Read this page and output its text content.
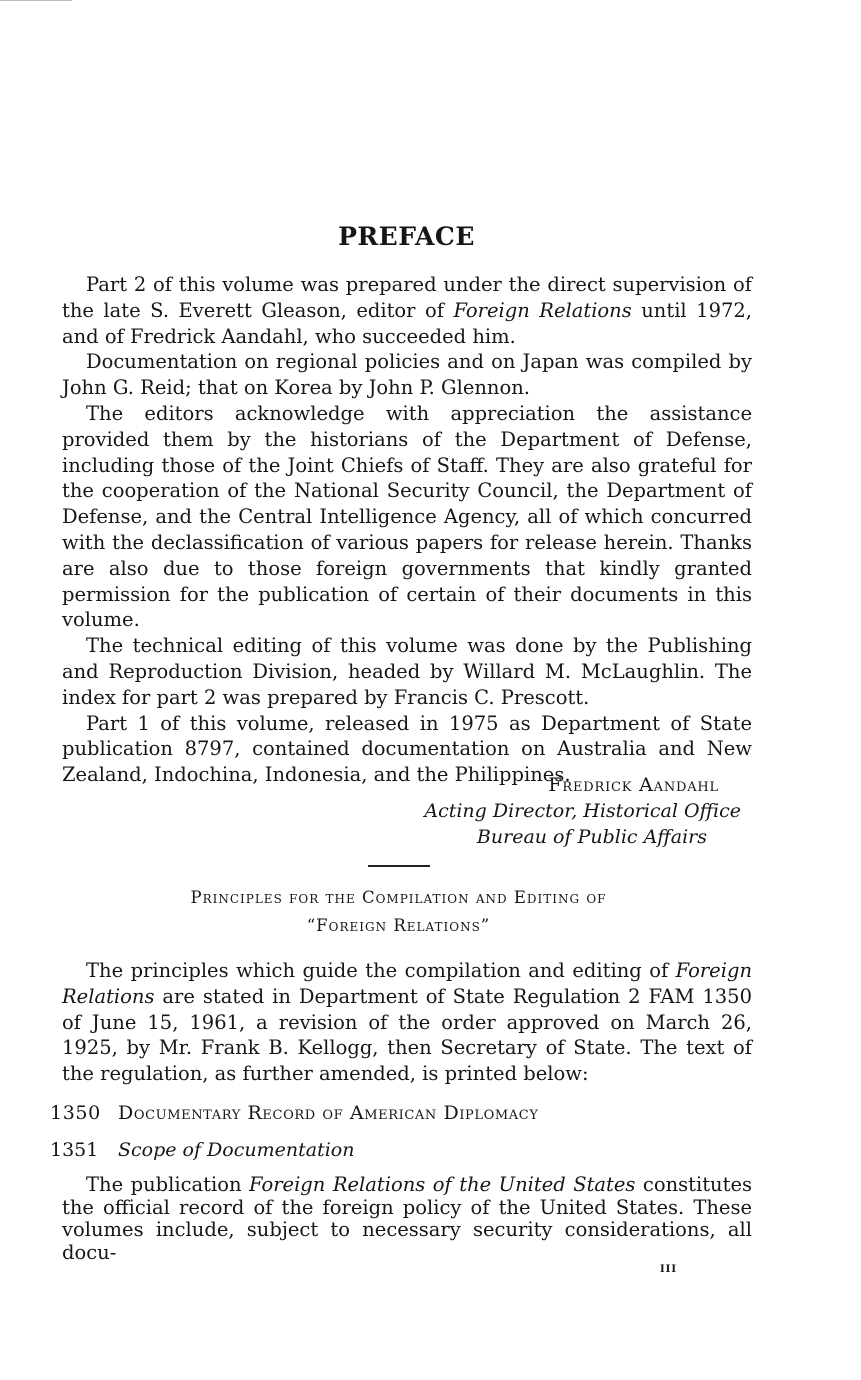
PREFACE

Part 2 of this volume was prepared under the direct supervision of the late S. Everett Gleason, editor of Foreign Relations until 1972, and of Fredrick Aandahl, who succeeded him.

Documentation on regional policies and on Japan was compiled by John G. Reid; that on Korea by John P. Glennon.

The editors acknowledge with appreciation the assistance provided them by the historians of the Department of Defense, including those of the Joint Chiefs of Staff. They are also grateful for the cooperation of the National Security Council, the Department of Defense, and the Central Intelligence Agency, all of which concurred with the declassification of various papers for release herein. Thanks are also due to those foreign governments that kindly granted permission for the publication of certain of their documents in this volume.

The technical editing of this volume was done by the Publishing and Reproduction Division, headed by Willard M. McLaughlin. The index for part 2 was prepared by Francis C. Prescott.

Part 1 of this volume, released in 1975 as Department of State publication 8797, contained documentation on Australia and New Zealand, Indochina, Indonesia, and the Philippines.

Fredrick Aandahl
Acting Director, Historical Office
Bureau of Public Affairs
Principles for the Compilation and Editing of
“Foreign Relations”

The principles which guide the compilation and editing of Foreign Relations are stated in Department of State Regulation 2 FAM 1350 of June 15, 1961, a revision of the order approved on March 26, 1925, by Mr. Frank B. Kellogg, then Secretary of State. The text of the regulation, as further amended, is printed below:

1350 Documentary Record of American Diplomacy
1351 Scope of Documentation

The publication Foreign Relations of the United States constitutes the official record of the foreign policy of the United States. These volumes include, subject to necessary security considerations, all docu-

iii
